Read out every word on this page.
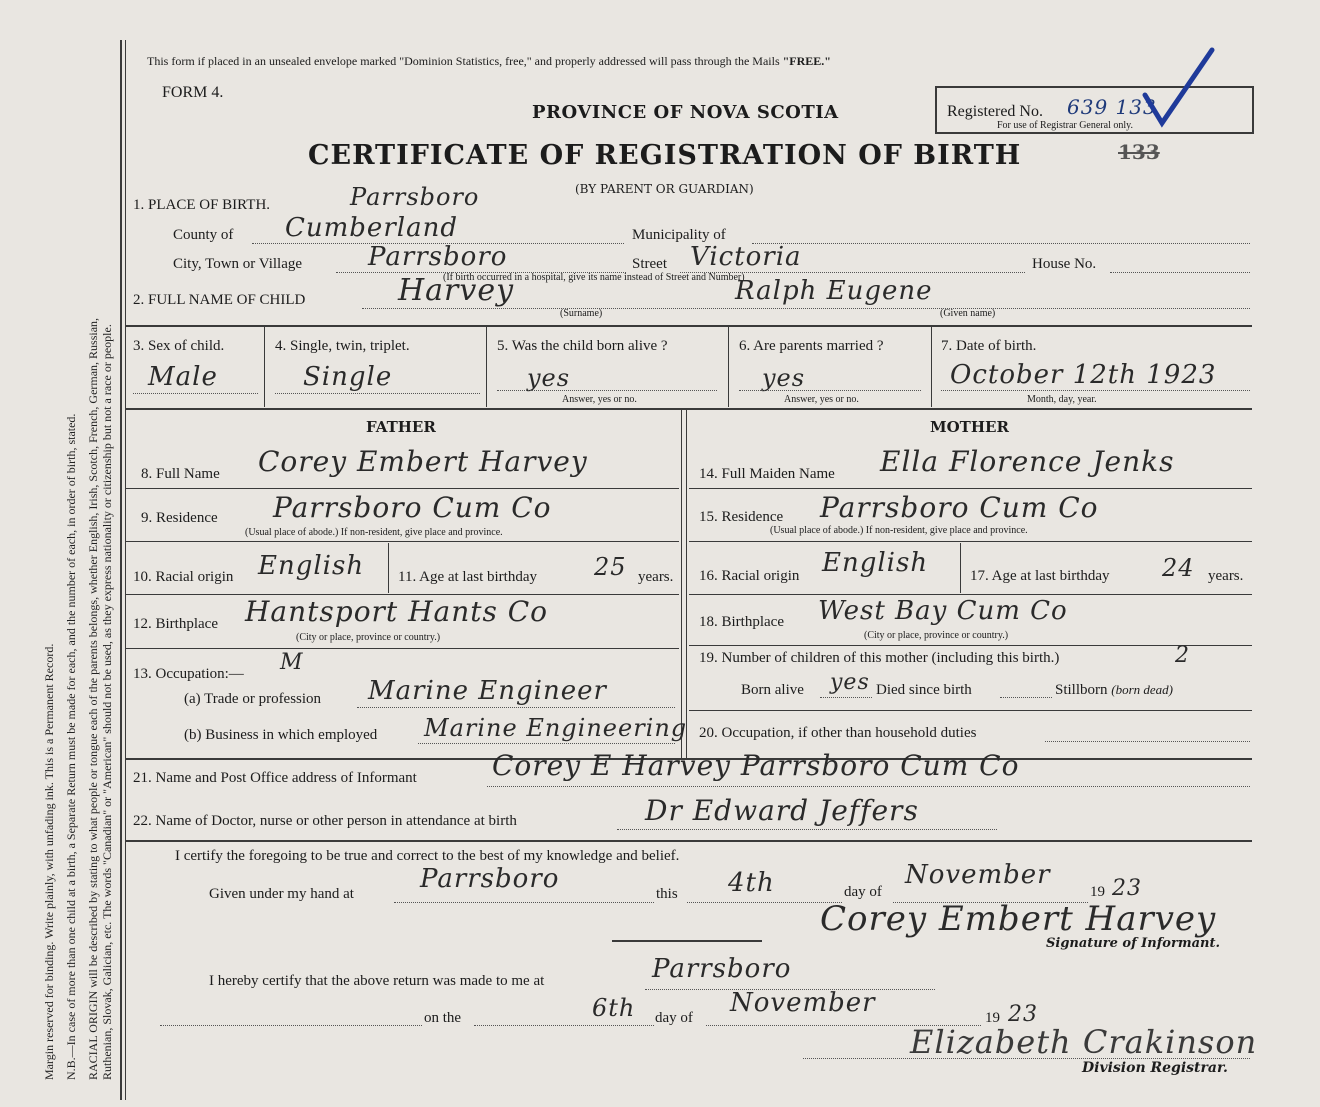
Margin reserved for binding. Write plainly, with unfading ink. This is a Permanent Record. N.B.—In case of more than one child at a birth, a Separate Return must be made for each, and the number of each, in order of birth, stated. RACIAL ORIGIN will be described by stating to what people or tongue each of the parents belongs, whether English, Irish, Scotch, French, German, Russian, Ruthenian, Slovak, Galician, etc. The words "Canadian" or "American" should not be used, as they express nationality or citizenship but not a race or people.
This form if placed in an unsealed envelope marked "Dominion Statistics, free," and properly addressed will pass through the Mails "FREE."
FORM 4.
PROVINCE OF NOVA SCOTIA
CERTIFICATE OF REGISTRATION OF BIRTH
(BY PARENT OR GUARDIAN)
133
Registered No. 639 133
For use of Registrar General only.
1. PLACE OF BIRTH.	Parrsboro
County of Cumberland	Municipality of
City, Town or Village	Parrsboro	Street Victoria	House No.
(If birth occurred in a hospital, give its name instead of Street and Number)
2. FULL NAME OF CHILD	Harvey	Ralph Eugene
(Surname)	(Given name)
3. Sex of child.
Male
4. Single, twin, triplet.
Single
5. Was the child born alive ?
yes
Answer, yes or no.
6. Are parents married ?
yes
Answer, yes or no.
7. Date of birth.
October 12th 1923
Month, day, year.
FATHER	MOTHER
8. Full Name Corey Embert Harvey
9. Residence Parrsboro Cum Co
(Usual place of abode.) If non-resident, give place and province.
10. Racial origin English 11. Age at last birthday 25 years.
12. Birthplace Hantsport Hants Co
(City or place, province or country.)
13. Occupation:— M
(a) Trade or profession Marine Engineer
(b) Business in which employed Marine Engineering
14. Full Maiden Name Ella Florence Jenks
15. Residence Parrsboro Cum Co
(Usual place of abode.) If non-resident, give place and province.
16. Racial origin English	17. Age at last birthday 24 years.
18. Birthplace West Bay Cum Co
(City or place, province or country.)
19. Number of children of this mother (including this birth.)	2
Born alive yes Died since birth	Stillborn (born dead)
20. Occupation, if other than household duties
21. Name and Post Office address of Informant	Corey E Harvey Parrsboro Cum Co
22. Name of Doctor, nurse or other person in attendance at birth	Dr Edward Jeffers
I certify the foregoing to be true and correct to the best of my knowledge and belief.
Given under my hand at	Parrsboro	this 4th	day of
November
19 23
Corey Embert Harvey
Signature of Informant.
I hereby certify that the above return was made to me at	Parrsboro
on the	6th day of November	19 23
Elizabeth Crakinson
Division Registrar.
